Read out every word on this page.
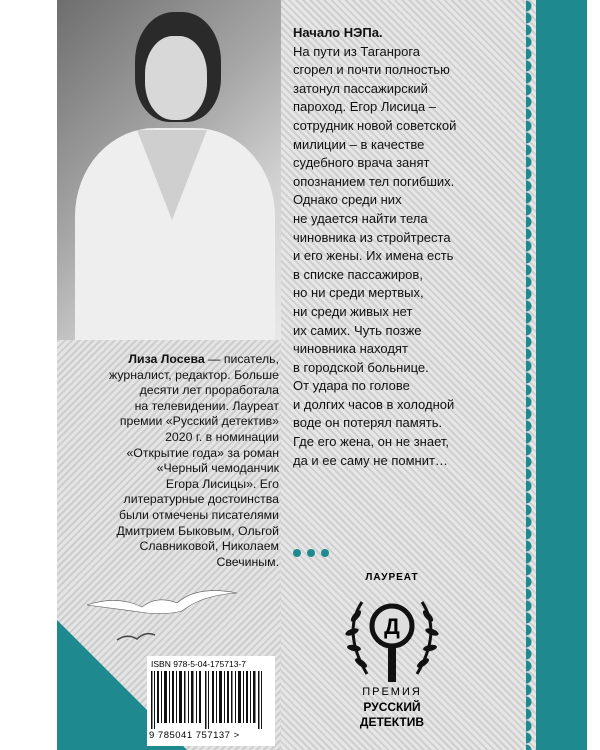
Лиза Лосева — писатель,
журналист, редактор. Больше
десяти лет проработала
на телевидении. Лауреат
премии «Русский детектив»
2020 г. в номинации
«Открытие года» за роман
«Черный чемоданчик
Егора Лисицы». Его
литературные достоинства
были отмечены писателями
Дмитрием Быковым, Ольгой
Славниковой, Николаем
Свечиным.

Начало НЭПа.
На пути из Таганрога
сгорел и почти полностью
затонул пассажирский
пароход. Егор Лисица –
сотрудник новой советской
милиции – в качестве
судебного врача занят
опознанием тел погибших.
Однако среди них
не удается найти тела
чиновника из стройтреста
и его жены. Их имена есть
в списке пассажиров,
но ни среди мертвых,
ни среди живых нет
их самих. Чуть позже
чиновника находят
в городской больнице.
От удара по голове
и долгих часов в холодной
воде он потерял память.
Где его жена, он не знает,
да и ее саму не помнит…
ЛАУРЕАТ
Д
ПРЕМИЯ
РУССКИЙ
ДЕТЕКТИВ
ISBN 978-5-04-175713-7
9 785041 757137 >
